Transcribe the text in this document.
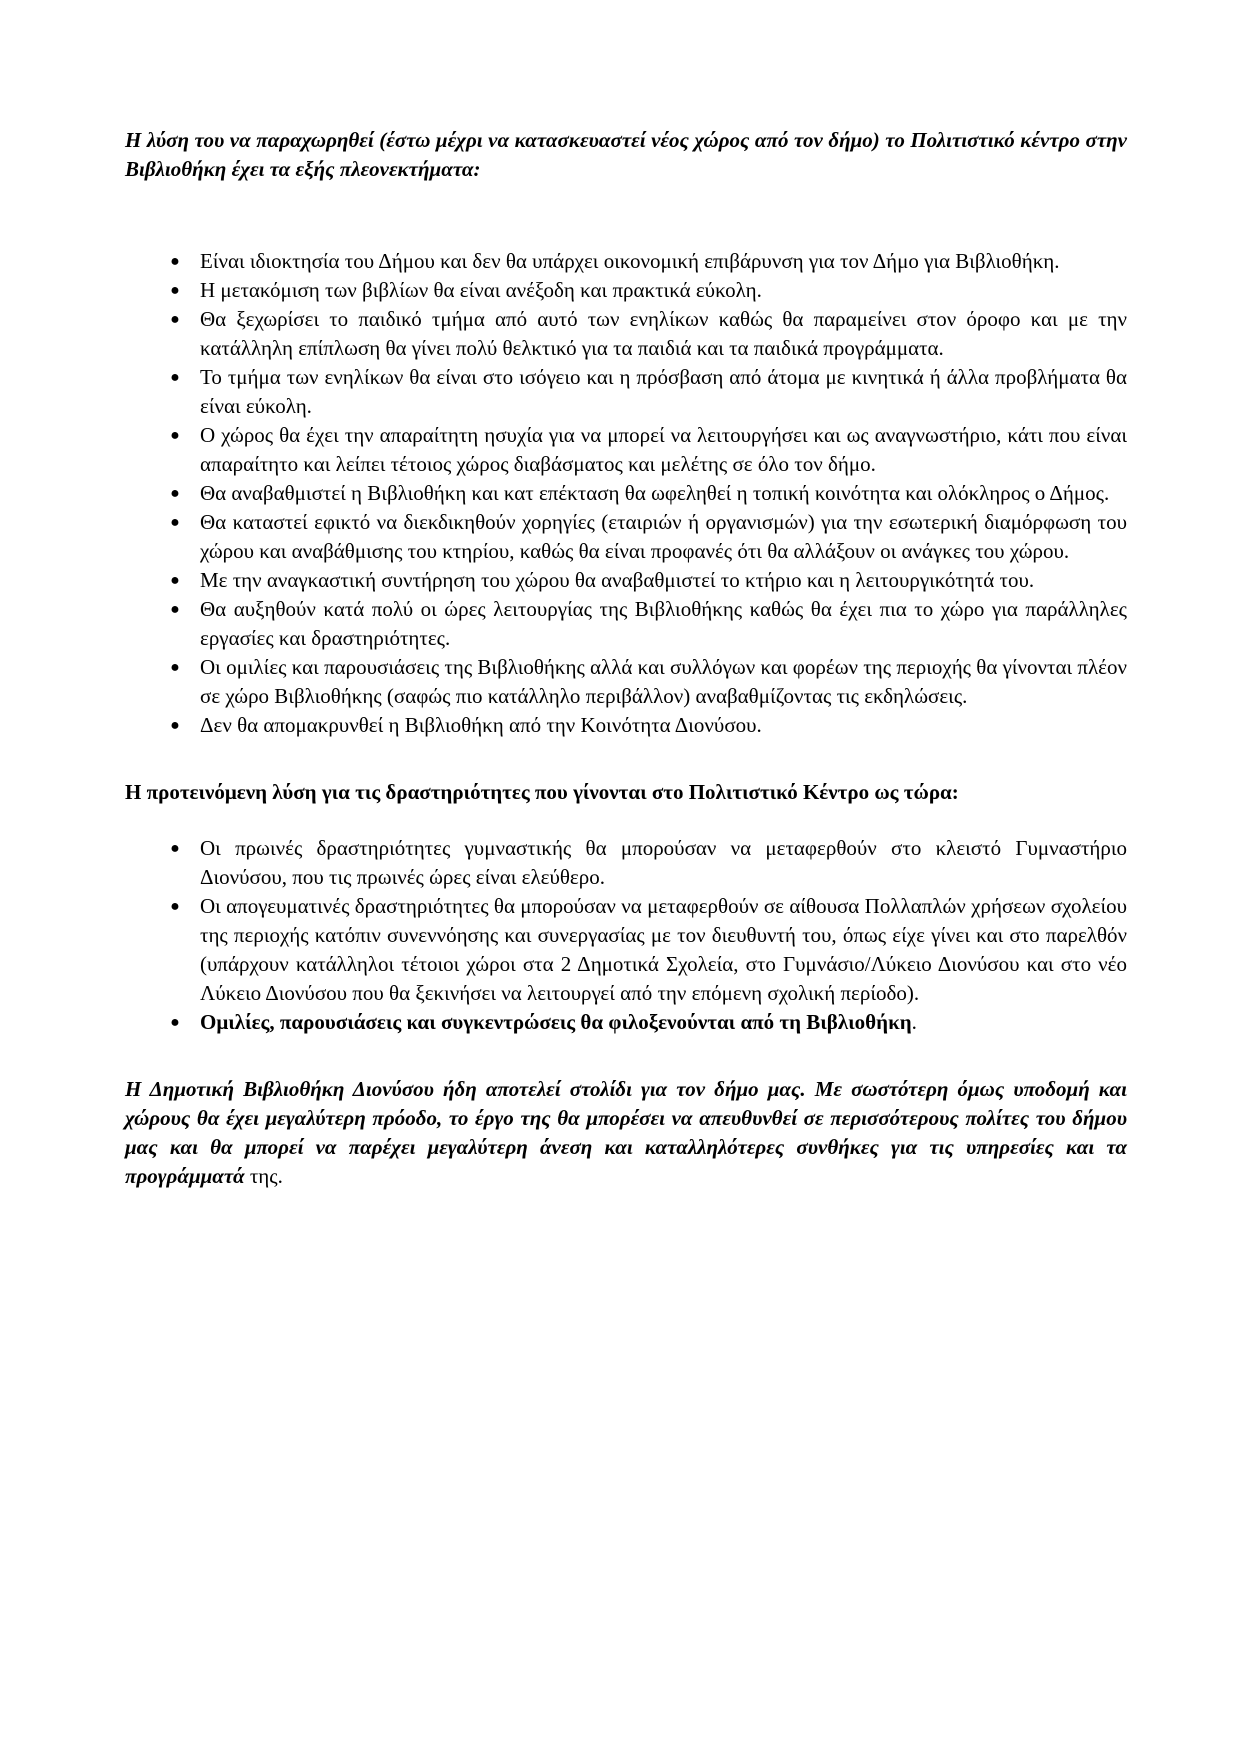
Η λύση του να παραχωρηθεί (έστω μέχρι να κατασκευαστεί νέος χώρος από τον δήμο) το Πολιτιστικό κέντρο στην Βιβλιοθήκη έχει τα εξής πλεονεκτήματα:

● Είναι ιδιοκτησία του Δήμου και δεν θα υπάρχει οικονομική επιβάρυνση για τον Δήμο για Βιβλιοθήκη.
● Η μετακόμιση των βιβλίων θα είναι ανέξοδη και πρακτικά εύκολη.
● Θα ξεχωρίσει το παιδικό τμήμα από αυτό των ενηλίκων καθώς θα παραμείνει στον όροφο και με την κατάλληλη επίπλωση θα γίνει πολύ θελκτικό για τα παιδιά και τα παιδικά προγράμματα.
● Το τμήμα των ενηλίκων θα είναι στο ισόγειο και η πρόσβαση από άτομα με κινητικά ή άλλα προβλήματα θα είναι εύκολη.
● Ο χώρος θα έχει την απαραίτητη ησυχία για να μπορεί να λειτουργήσει και ως αναγνωστήριο, κάτι που είναι απαραίτητο και λείπει τέτοιος χώρος διαβάσματος και μελέτης σε όλο τον δήμο.
● Θα αναβαθμιστεί η Βιβλιοθήκη και κατ επέκταση θα ωφεληθεί η τοπική κοινότητα και ολόκληρος ο Δήμος.
● Θα καταστεί εφικτό να διεκδικηθούν χορηγίες (εταιριών ή οργανισμών) για την εσωτερική διαμόρφωση του χώρου και αναβάθμισης του κτηρίου, καθώς θα είναι προφανές ότι θα αλλάξουν οι ανάγκες του χώρου.
● Με την αναγκαστική συντήρηση του χώρου θα αναβαθμιστεί το κτήριο και η λειτουργικότητά του.
● Θα αυξηθούν κατά πολύ οι ώρες λειτουργίας της Βιβλιοθήκης καθώς θα έχει πια το χώρο για παράλληλες εργασίες και δραστηριότητες.
● Οι ομιλίες και παρουσιάσεις της Βιβλιοθήκης αλλά και συλλόγων και φορέων της περιοχής θα γίνονται πλέον σε χώρο Βιβλιοθήκης (σαφώς πιο κατάλληλο περιβάλλον) αναβαθμίζοντας τις εκδηλώσεις.
● Δεν θα απομακρυνθεί η Βιβλιοθήκη από την Κοινότητα Διονύσου.

Η προτεινόμενη λύση για τις δραστηριότητες που γίνονται στο Πολιτιστικό Κέντρο ως τώρα:

● Οι πρωινές δραστηριότητες γυμναστικής θα μπορούσαν να μεταφερθούν στο κλειστό Γυμναστήριο Διονύσου, που τις πρωινές ώρες είναι ελεύθερο.
● Οι απογευματινές δραστηριότητες θα μπορούσαν να μεταφερθούν σε αίθουσα Πολλαπλών χρήσεων σχολείου της περιοχής κατόπιν συνεννόησης και συνεργασίας με τον διευθυντή του, όπως είχε γίνει και στο παρελθόν (υπάρχουν κατάλληλοι τέτοιοι χώροι στα 2 Δημοτικά Σχολεία, στο Γυμνάσιο/Λύκειο Διονύσου και στο νέο Λύκειο Διονύσου που θα ξεκινήσει να λειτουργεί από την επόμενη σχολική περίοδο).
● Ομιλίες, παρουσιάσεις και συγκεντρώσεις θα φιλοξενούνται από τη Βιβλιοθήκη.

Η Δημοτική Βιβλιοθήκη Διονύσου ήδη αποτελεί στολίδι για τον δήμο μας. Με σωστότερη όμως υποδομή και χώρους θα έχει μεγαλύτερη πρόοδο, το έργο της θα μπορέσει να απευθυνθεί σε περισσότερους πολίτες του δήμου μας και θα μπορεί να παρέχει μεγαλύτερη άνεση και καταλληλότερες συνθήκες για τις υπηρεσίες και τα προγράμματά της.
